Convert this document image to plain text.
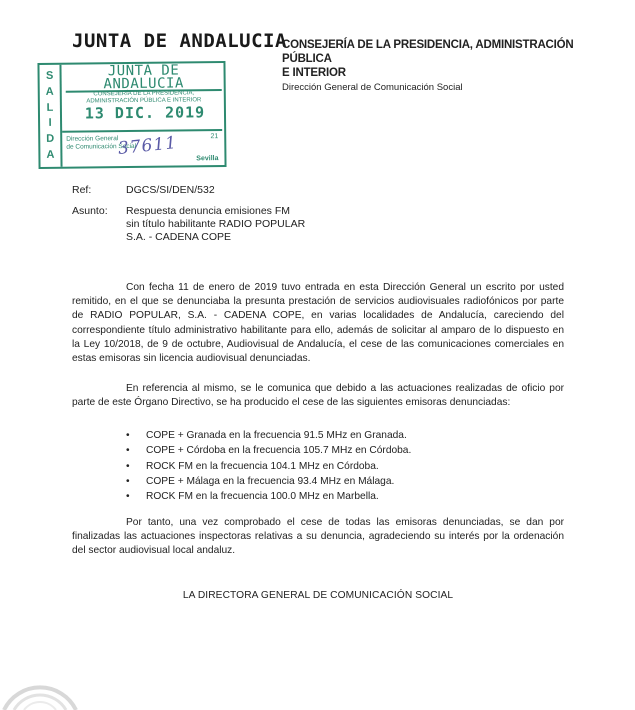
JUNTA DE ANDALUCIA
CONSEJERÍA DE LA PRESIDENCIA, ADMINISTRACIÓN PÚBLICA
E INTERIOR
Dirección General de Comunicación Social
S
A
L
I
D
A
JUNTA DE ANDALUCIA
CONSEJERÍA DE LA PRESIDENCIA,
ADMINISTRACIÓN PÚBLICA E INTERIOR
13 DIC. 2019
Dirección General
de Comunicación Social
21
Sevilla
37611
Ref:	DGCS/SI/DEN/532
Asunto: Respuesta denuncia emisiones FM
sin título habilitante RADIO POPULAR
S.A. - CADENA COPE

Con fecha 11 de enero de 2019 tuvo entrada en esta Dirección General un escrito por usted remitido, en el que se denunciaba la presunta prestación de servicios audiovisuales radiofónicos por parte de RADIO POPULAR, S.A. - CADENA COPE, en varias localidades de Andalucía, careciendo del correspondiente título administrativo habilitante para ello, además de solicitar al amparo de lo dispuesto en la Ley 10/2018, de 9 de octubre, Audiovisual de Andalucía, el cese de las comunicaciones comerciales en estas emisoras sin licencia audiovisual denunciadas.

En referencia al mismo, se le comunica que debido a las actuaciones realizadas de oficio por parte de este Órgano Directivo, se ha producido el cese de las siguientes emisoras denunciadas:

• COPE + Granada en la frecuencia 91.5 MHz en Granada.
• COPE + Córdoba en la frecuencia 105.7 MHz en Córdoba.
• ROCK FM en la frecuencia 104.1 MHz en Córdoba.
• COPE + Málaga en la frecuencia 93.4 MHz en Málaga.
• ROCK FM en la frecuencia 100.0 MHz en Marbella.

Por tanto, una vez comprobado el cese de todas las emisoras denunciadas, se dan por finalizadas las actuaciones inspectoras relativas a su denuncia, agradeciendo su interés por la ordenación del sector audiovisual local andaluz.

LA DIRECTORA GENERAL DE COMUNICACIÓN SOCIAL
